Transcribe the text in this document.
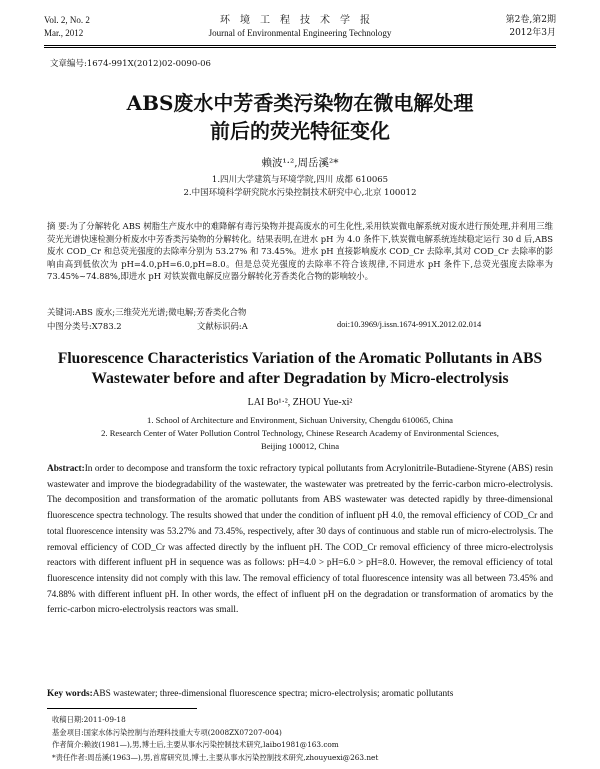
Vol. 2, No. 2
Mar., 2012
环境工程技术学报
Journal of Environmental Engineering Technology
第2卷,第2期
2012年3月
文章编号:1674-991X(2012)02-0090-06
ABS废水中芳香类污染物在微电解处理
前后的荧光特征变化
赖波¹·²,周岳溪²*
1.四川大学建筑与环境学院,四川 成都 610065
2.中国环境科学研究院水污染控制技术研究中心,北京 100012
摘 要:为了分解转化 ABS 树脂生产废水中的难降解有毒污染物并提高废水的可生化性,采用铁炭微电解系统对废水进行预处理,并利用三维荧光光谱快速检测分析废水中芳香类污染物的分解转化。结果表明,在进水 pH 为 4.0 条件下,铁炭微电解系统连续稳定运行 30 d 后,ABS 废水 COD_Cr 和总荧光强度的去除率分别为 53.27% 和 73.45%。进水 pH 直接影响废水 COD_Cr 去除率,其对 COD_Cr 去除率的影响由高到低依次为 pH=4.0,pH=6.0,pH=8.0。但是总荧光强度的去除率不符合该规律,不同进水 pH 条件下,总荧光强度去除率为 73.45%~74.88%,即进水 pH 对铁炭微电解反应器分解转化芳香类化合物的影响较小。
关键词:ABS 废水;三维荧光光谱;微电解;芳香类化合物
中图分类号:X783.2	文献标识码:A	doi:10.3969/j.issn.1674-991X.2012.02.014
Fluorescence Characteristics Variation of the Aromatic Pollutants in ABS
Wastewater before and after Degradation by Micro-electrolysis
LAI Bo¹·², ZHOU Yue-xi²
1. School of Architecture and Environment, Sichuan University, Chengdu 610065, China
2. Research Center of Water Pollution Control Technology, Chinese Research Academy of Environmental Sciences,
Beijing 100012, China
Abstract:In order to decompose and transform the toxic refractory typical pollutants from Acrylonitrile-Butadiene-Styrene (ABS) resin wastewater and improve the biodegradability of the wastewater, the wastewater was pretreated by the ferric-carbon micro-electrolysis. The decomposition and transformation of the aromatic pollutants from ABS wastewater was detected rapidly by three-dimensional fluorescence spectra technology. The results showed that under the condition of influent pH 4.0, the removal efficiency of COD_Cr and total fluorescence intensity was 53.27% and 73.45%, respectively, after 30 days of continuous and stable run of micro-electrolysis. The removal efficiency of COD_Cr was affected directly by the influent pH. The COD_Cr removal efficiency of three micro-electrolysis reactors with different influent pH in sequence was as follows: pH=4.0 > pH=6.0 > pH=8.0. However, the removal efficiency of total fluorescence intensity did not comply with this law. The removal efficiency of total fluorescence intensity was all between 73.45% and 74.88% with different influent pH. In other words, the effect of influent pH on the degradation or transformation of aromatics by the ferric-carbon micro-electrolysis reactors was small.
Key words:ABS wastewater; three-dimensional fluorescence spectra; micro-electrolysis; aromatic pollutants
收稿日期:2011-09-18
基金项目:国家水体污染控制与治理科技重大专项(2008ZX07207-004)
作者简介:赖波(1981—),男,博士后,主要从事水污染控制技术研究,laibo1981@163.com
*责任作者:周岳溪(1963—),男,首席研究员,博士,主要从事水污染控制技术研究,zhouyuexi@263.net
